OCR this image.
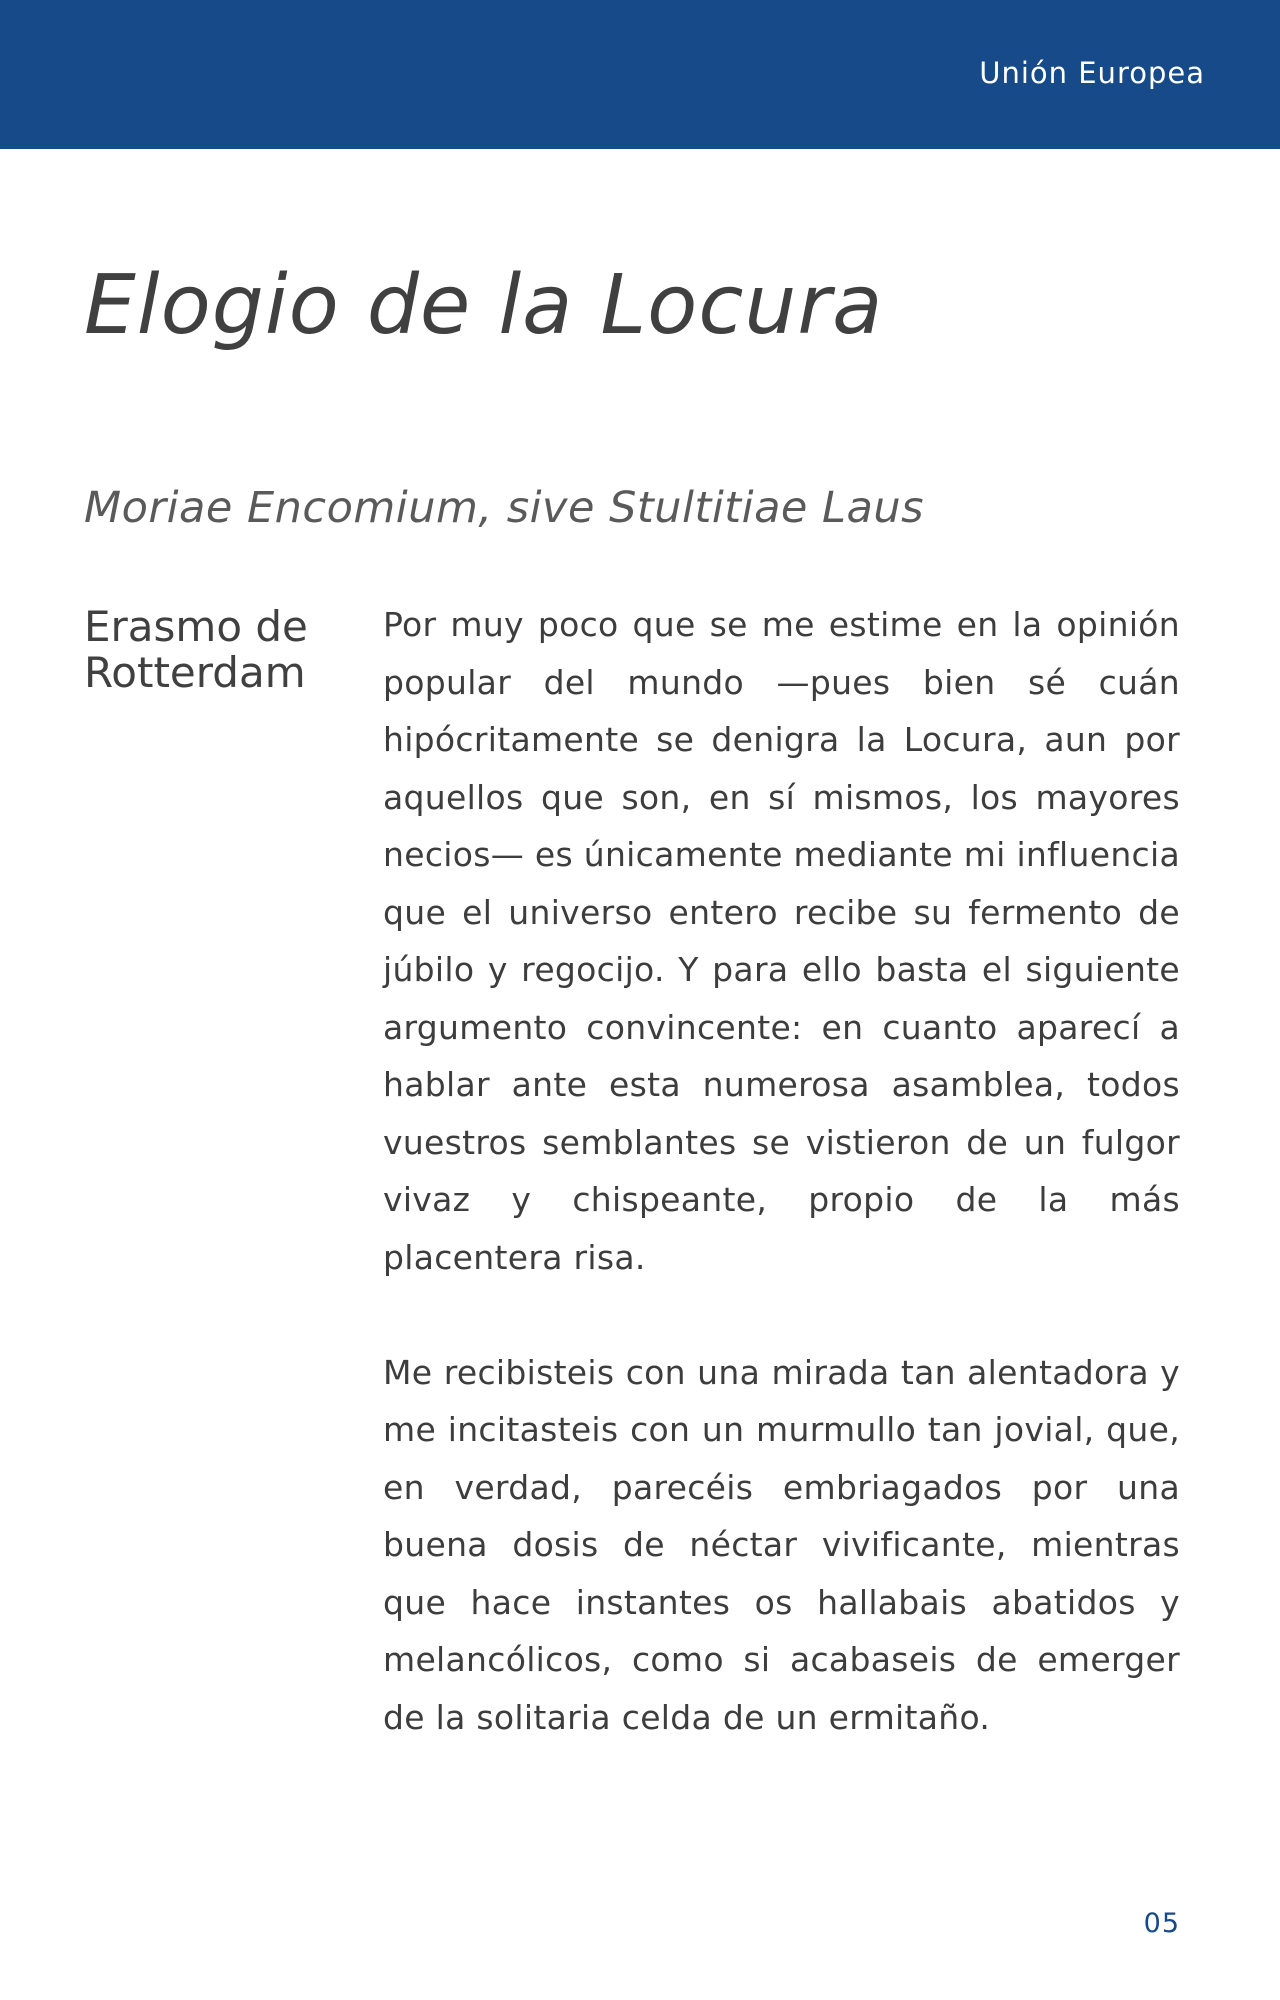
Unión Europea
Elogio de la Locura
Moriae Encomium, sive Stultitiae Laus
Erasmo de Rotterdam

Por muy poco que se me estime en la opinión popular del mundo —pues bien sé cuán hipócritamente se denigra la Locura, aun por aquellos que son, en sí mismos, los mayores necios— es únicamente mediante mi influencia que el universo entero recibe su fermento de júbilo y regocijo. Y para ello basta el siguiente argumento convincente: en cuanto aparecí a hablar ante esta numerosa asamblea, todos vuestros semblantes se vistieron de un fulgor vivaz y chispeante, propio de la más placentera risa.

Me recibisteis con una mirada tan alentadora y me incitasteis con un murmullo tan jovial, que, en verdad, parecéis embriagados por una buena dosis de néctar vivificante, mientras que hace instantes os hallabais abatidos y melancólicos, como si acabaseis de emerger de la solitaria celda de un ermitaño.

05
